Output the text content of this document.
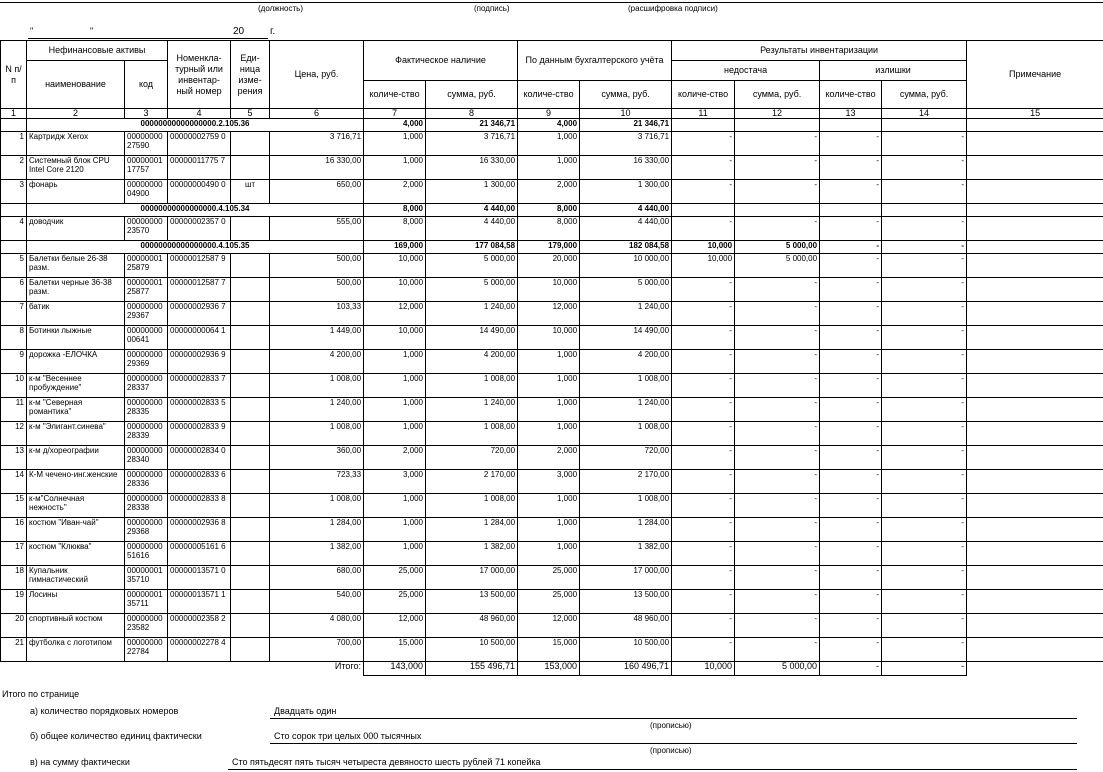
(должность)	(подпись)	(расшифровка подписи)
"	"	20	г.
N п/п	Нефинансовые активы		Номенкла-турный или инвентар-ный номер	Еди-ница изме-рения	Цена, руб.	Фактическое наличие		По данным бухгалтерского учёта		Результаты инвентаризации				Примечание
	наименование	код								недостача		излишки		
						количе-ство	сумма, руб.	количе-ство	сумма, руб.	количе-ство	сумма, руб.	количе-ство	сумма, руб.	
1	2	3	4	5	6	7	8	9	10	11	12	13	14	15
	00000000000000000.2.105.36					4,000	21 346,71	4,000	21 346,71					
1	Картридж Xerox	00000000 27590	00000002759 0		3 716,71	1,000	3 716,71	1,000	3 716,71	-	-	-	-	
2	Системный блок CPU Intel Core 2120	00000001 17757	00000011775 7		16 330,00	1,000	16 330,00	1,000	16 330,00	-	-	-	-	
3	фонарь	00000000 04900	00000000490 0	шт	650,00	2,000	1 300,00	2,000	1 300,00	-	-	-	-	
	00000000000000000.4.105.34					8,000	4 440,00	8,000	4 440,00					
4	доводчик	00000000 23570	00000002357 0		555,00	8,000	4 440,00	8,000	4 440,00	-	-	-	-	
	00000000000000000.4.105.35					169,000	177 084,58	179,000	182 084,58	10,000	5 000,00	-	-	
5	Балетки белые 26-38 разм.	00000001 25879	00000012587 9		500,00	10,000	5 000,00	20,000	10 000,00	10,000	5 000,00	-	-	
6	Балетки черные 36-38 разм.	00000001 25877	00000012587 7		500,00	10,000	5 000,00	10,000	5 000,00	-	-	-	-	
7	батик	00000000 29367	00000002936 7		103,33	12,000	1 240,00	12,000	1 240,00	-	-	-	-	
8	Ботинки лыжные	00000000 00641	00000000064 1		1 449,00	10,000	14 490,00	10,000	14 490,00	-	-	-	-	
9	дорожка -ЕЛОЧКА	00000000 29369	00000002936 9		4 200,00	1,000	4 200,00	1,000	4 200,00	-	-	-	-	
10	к-м "Весеннее пробуждение"	00000000 28337	00000002833 7		1 008,00	1,000	1 008,00	1,000	1 008,00	-	-	-	-	
11	к-м "Северная романтика"	00000000 28335	00000002833 5		1 240,00	1,000	1 240,00	1,000	1 240,00	-	-	-	-	
12	к-м "Элигант.синева"	00000000 28339	00000002833 9		1 008,00	1,000	1 008,00	1,000	1 008,00	-	-	-	-	
13	к-м д/хореографии	00000000 28340	00000002834 0		360,00	2,000	720,00	2,000	720,00	-	-	-	-	
14	К-М чечено-инг.женские	00000000 28336	00000002833 6		723,33	3,000	2 170,00	3,000	2 170,00	-	-	-	-	
15	к-м"Солнечная нежность"	00000000 28338	00000002833 8		1 008,00	1,000	1 008,00	1,000	1 008,00	-	-	-	-	
16	костюм "Иван-чай"	00000000 29368	00000002936 8		1 284,00	1,000	1 284,00	1,000	1 284,00	-	-	-	-	
17	костюм "Клюква"	00000000 51616	00000005161 6		1 382,00	1,000	1 382,00	1,000	1 382,00	-	-	-	-	
18	Купальник гимнастический	00000001 35710	00000013571 0		680,00	25,000	17 000,00	25,000	17 000,00	-	-	-	-	
19	Лосины	00000001 35711	00000013571 1		540,00	25,000	13 500,00	25,000	13 500,00	-	-	-	-	
20	спортивный костюм	00000000 23582	00000002358 2		4 080,00	12,000	48 960,00	12,000	48 960,00	-	-	-	-	
21	футболка с логотипом	00000000 22784	00000002278 4		700,00	15,000	10 500,00	15,000	10 500,00	-	-	-	-	
					Итого:	143,000	155 496,71	153,000	160 496,71	10,000	5 000,00	-	-	
Итого по странице
а) количество порядковых номеров	Двадцать один
(прописью)
б) общее количество единиц фактически	Сто сорок три целых 000 тысячных
(прописью)
в) на сумму фактически	Сто пятьдесят пять тысяч четыреста девяносто шесть рублей 71 копейка
